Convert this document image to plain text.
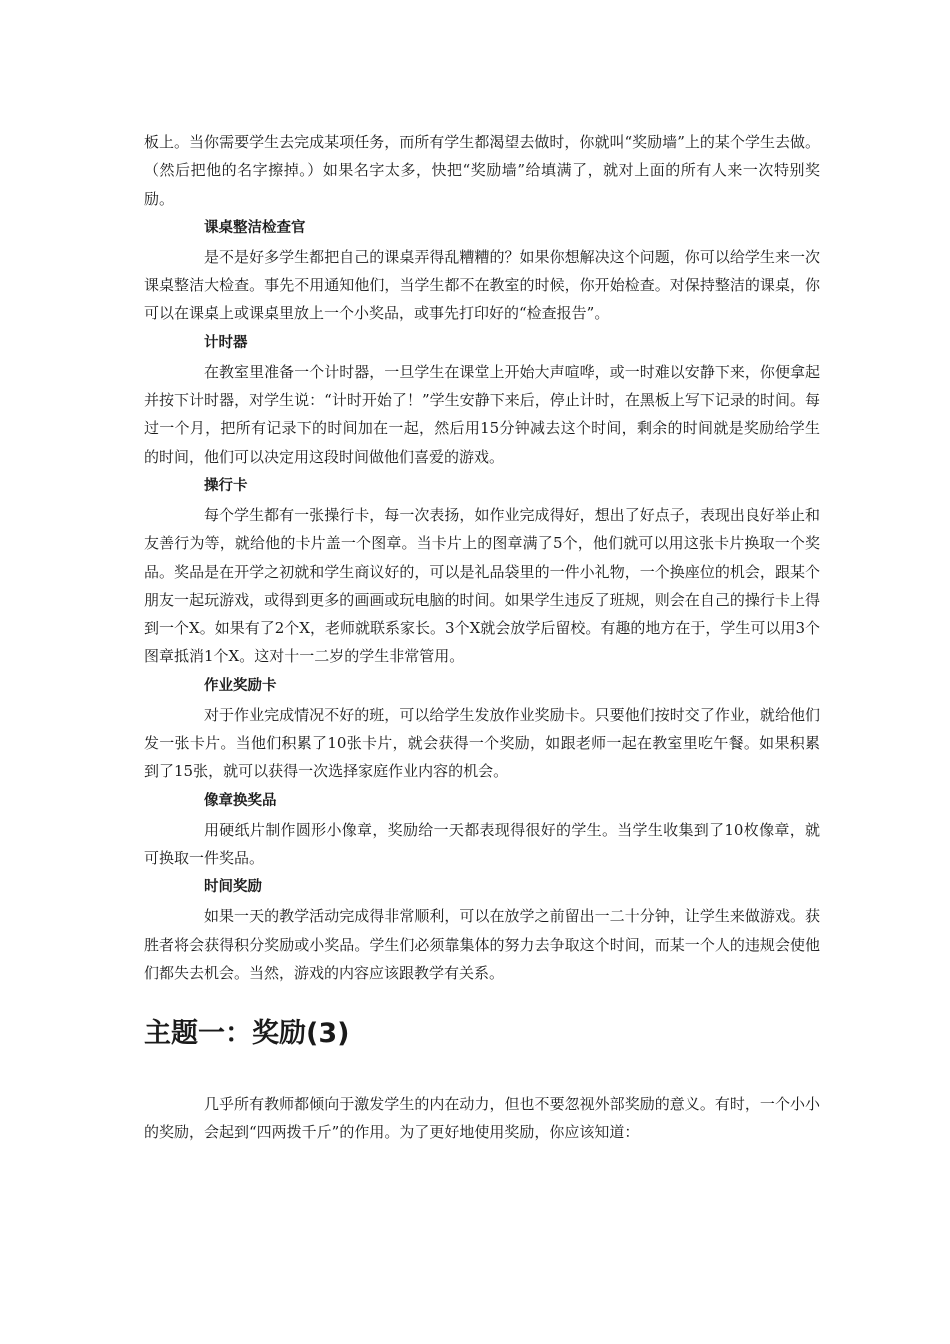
板上。当你需要学生去完成某项任务，而所有学生都渴望去做时，你就叫“奖励墙”上的某个学生去做。（然后把他的名字擦掉。）如果名字太多，快把“奖励墙”给填满了，就对上面的所有人来一次特别奖励。

课桌整洁检查官

是不是好多学生都把自己的课桌弄得乱糟糟的？如果你想解决这个问题，你可以给学生来一次课桌整洁大检查。事先不用通知他们，当学生都不在教室的时候，你开始检查。对保持整洁的课桌，你可以在课桌上或课桌里放上一个小奖品，或事先打印好的“检查报告”。

计时器

在教室里准备一个计时器，一旦学生在课堂上开始大声喧哗，或一时难以安静下来，你便拿起并按下计时器，对学生说：“计时开始了！”学生安静下来后，停止计时，在黑板上写下记录的时间。每过一个月，把所有记录下的时间加在一起，然后用15分钟减去这个时间，剩余的时间就是奖励给学生的时间，他们可以决定用这段时间做他们喜爱的游戏。

操行卡

每个学生都有一张操行卡，每一次表扬，如作业完成得好，想出了好点子，表现出良好举止和友善行为等，就给他的卡片盖一个图章。当卡片上的图章满了5个，他们就可以用这张卡片换取一个奖品。奖品是在开学之初就和学生商议好的，可以是礼品袋里的一件小礼物，一个换座位的机会，跟某个朋友一起玩游戏，或得到更多的画画或玩电脑的时间。如果学生违反了班规，则会在自己的操行卡上得到一个X。如果有了2个X，老师就联系家长。3个X就会放学后留校。有趣的地方在于，学生可以用3个图章抵消1个X。这对十一二岁的学生非常管用。

作业奖励卡

对于作业完成情况不好的班，可以给学生发放作业奖励卡。只要他们按时交了作业，就给他们发一张卡片。当他们积累了10张卡片，就会获得一个奖励，如跟老师一起在教室里吃午餐。如果积累到了15张，就可以获得一次选择家庭作业内容的机会。

像章换奖品

用硬纸片制作圆形小像章，奖励给一天都表现得很好的学生。当学生收集到了10枚像章，就可换取一件奖品。

时间奖励

如果一天的教学活动完成得非常顺利，可以在放学之前留出一二十分钟，让学生来做游戏。获胜者将会获得积分奖励或小奖品。学生们必须靠集体的努力去争取这个时间，而某一个人的违规会使他们都失去机会。当然，游戏的内容应该跟教学有关系。

主题一：奖励(3)

几乎所有教师都倾向于激发学生的内在动力，但也不要忽视外部奖励的意义。有时，一个小小的奖励，会起到“四两拨千斤”的作用。为了更好地使用奖励，你应该知道：
